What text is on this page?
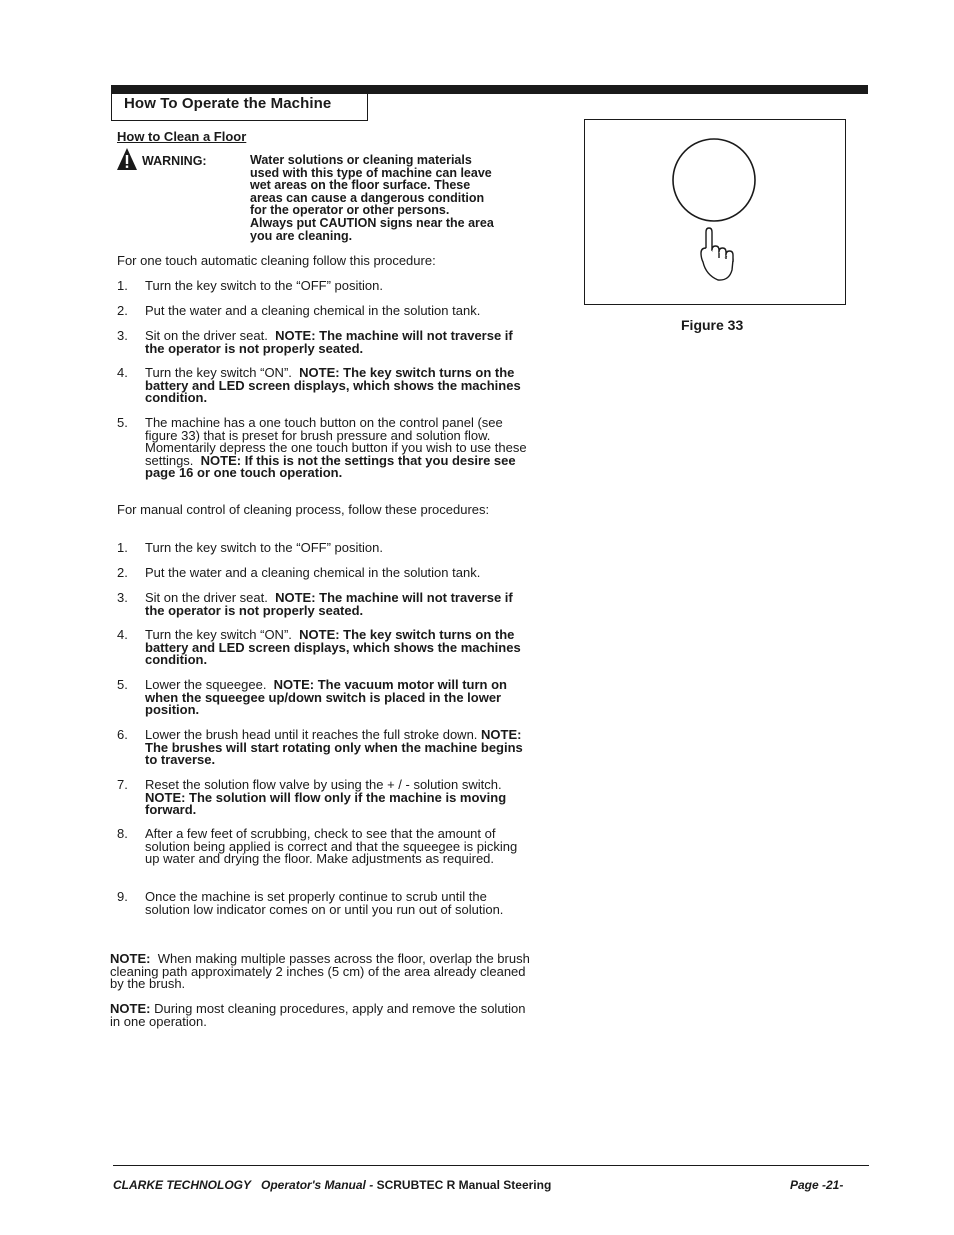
How To Operate the Machine
How to Clean a Floor
WARNING:	Water solutions or cleaning materials
used with this type of machine can leave
wet areas on the floor surface. These
areas can cause a dangerous condition
for the operator or other persons.
Always put CAUTION signs near the area
you are cleaning.
For one touch automatic cleaning follow this procedure:
1. Turn the key switch to the “OFF” position.
2. Put the water and a cleaning chemical in the solution tank.
3. Sit on the driver seat. NOTE: The machine will not traverse if the operator is not properly seated.
4. Turn the key switch “ON”. NOTE: The key switch turns on the battery and LED screen displays, which shows the machines condition.
5. The machine has a one touch button on the control panel (see figure 33) that is preset for brush pressure and solution flow. Momentarily depress the one touch button if you wish to use these settings. NOTE: If this is not the settings that you desire see page 16 or one touch operation.
For manual control of cleaning process, follow these procedures:
1. Turn the key switch to the “OFF” position.
2. Put the water and a cleaning chemical in the solution tank.
3. Sit on the driver seat. NOTE: The machine will not traverse if the operator is not properly seated.
4. Turn the key switch “ON”. NOTE: The key switch turns on the battery and LED screen displays, which shows the machines condition.
5. Lower the squeegee. NOTE: The vacuum motor will turn on when the squeegee up/down switch is placed in the lower position.
6. Lower the brush head until it reaches the full stroke down. NOTE: The brushes will start rotating only when the machine begins to traverse.
7. Reset the solution flow valve by using the + / - solution switch. NOTE: The solution will flow only if the machine is moving forward.
8. After a few feet of scrubbing, check to see that the amount of solution being applied is correct and that the squeegee is picking up water and drying the floor. Make adjustments as required.
9. Once the machine is set properly continue to scrub until the solution low indicator comes on or until you run out of solution.
NOTE: When making multiple passes across the floor, overlap the brush cleaning path approximately 2 inches (5 cm) of the area already cleaned by the brush.
NOTE: During most cleaning procedures, apply and remove the solution in one operation.
Figure 33
CLARKE TECHNOLOGY Operator's Manual - SCRUBTEC R Manual Steering	Page -21-
